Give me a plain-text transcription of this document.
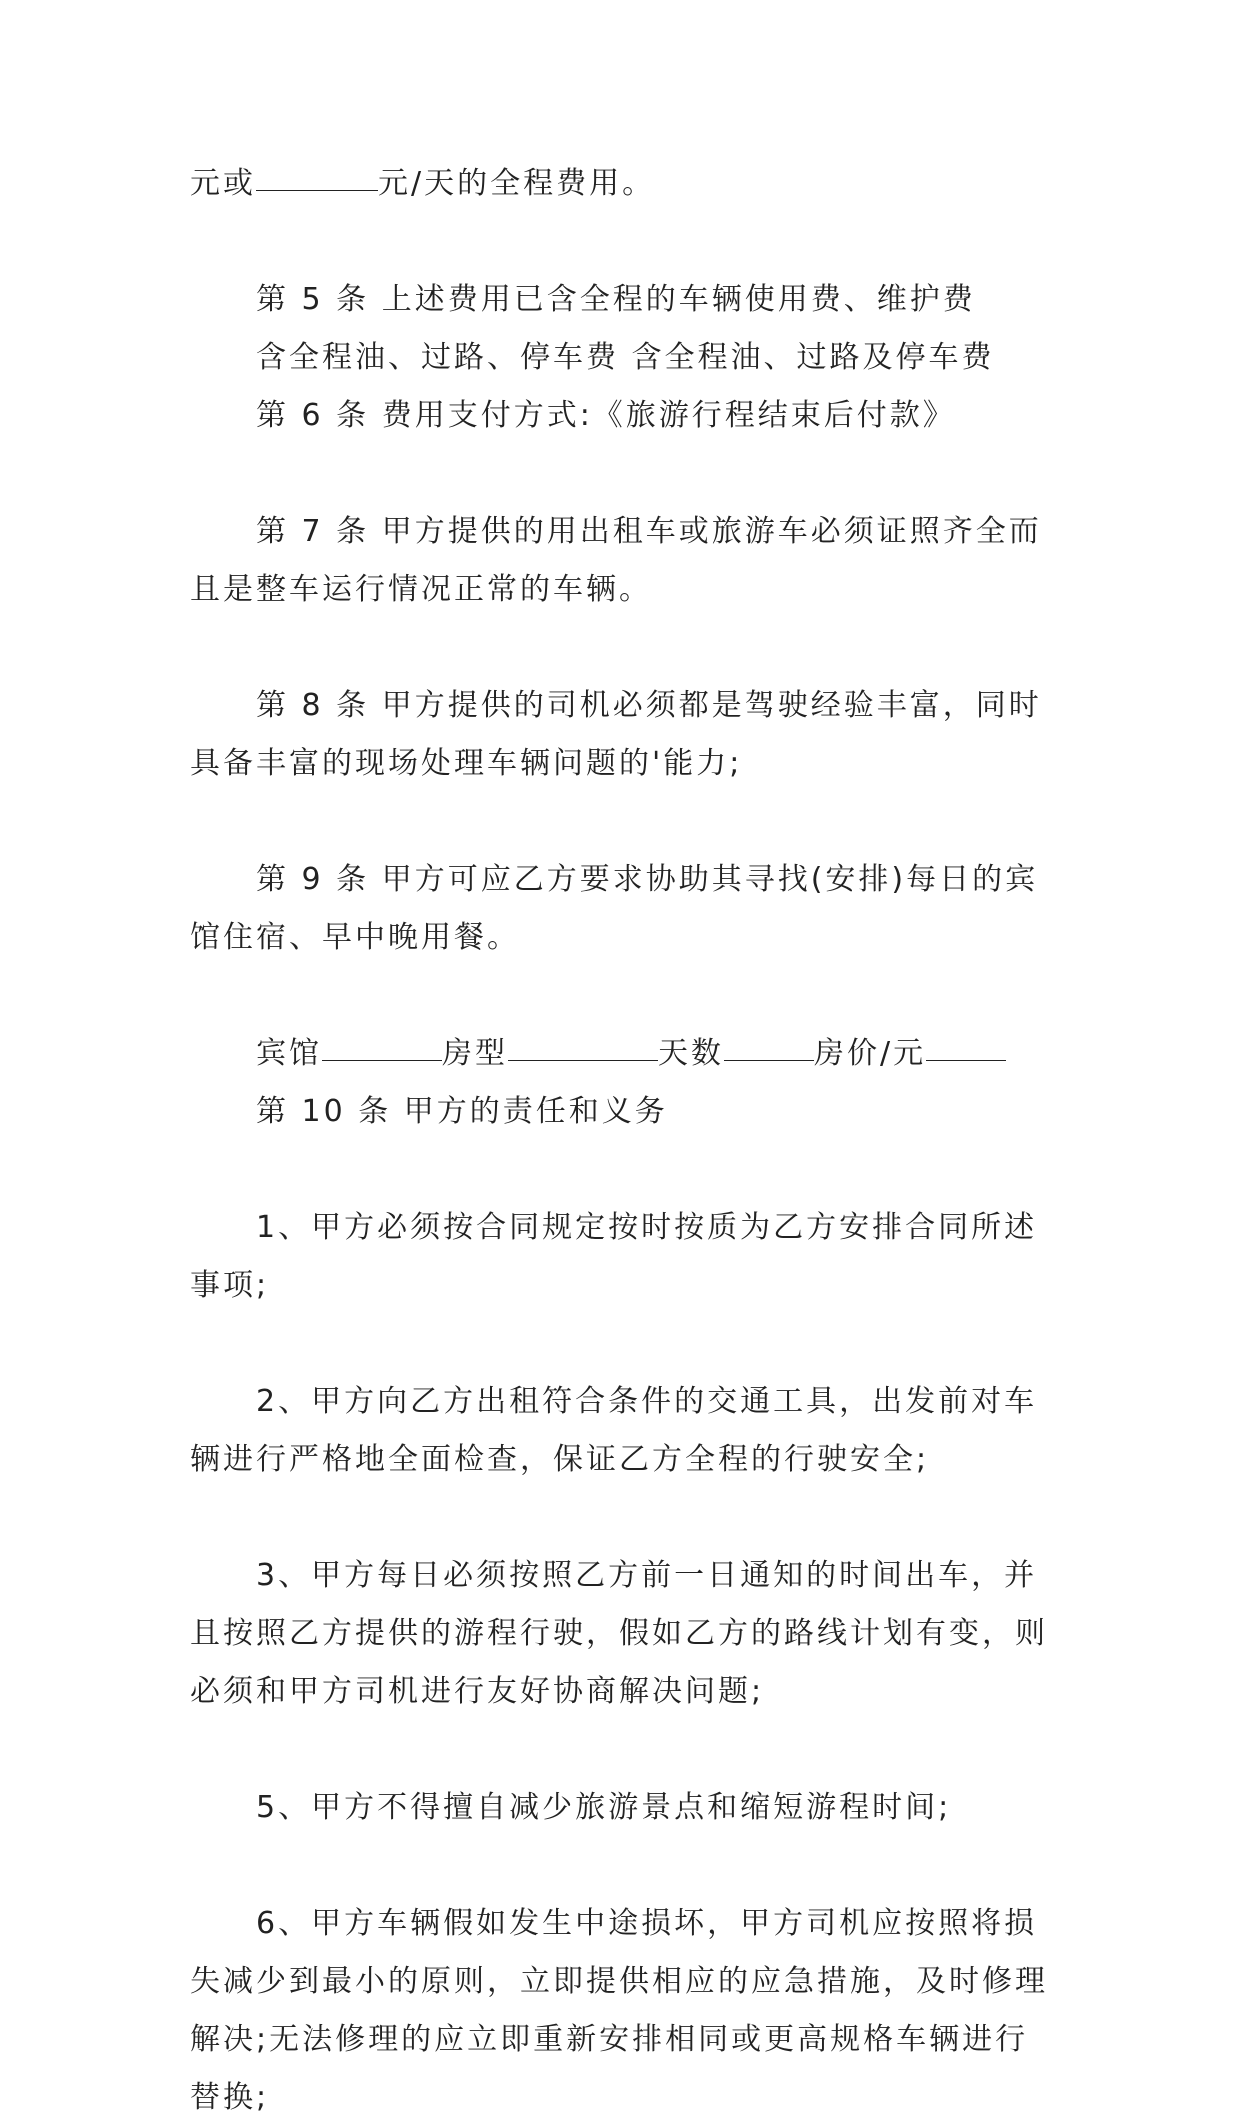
元或	元/天的全程费用。
第 5 条 上述费用已含全程的车辆使用费、维护费
含全程油、过路、停车费 含全程油、过路及停车费
第 6 条 费用支付方式:《旅游行程结束后付款》
第 7 条 甲方提供的用出租车或旅游车必须证照齐全而
且是整车运行情况正常的车辆。
第 8 条 甲方提供的司机必须都是驾驶经验丰富，同时
具备丰富的现场处理车辆问题的'能力;
第 9 条 甲方可应乙方要求协助其寻找(安排)每日的宾
馆住宿、早中晚用餐。
宾馆	房型	天数	房价/元
第 10 条 甲方的责任和义务
1、甲方必须按合同规定按时按质为乙方安排合同所述
事项;
2、甲方向乙方出租符合条件的交通工具，出发前对车
辆进行严格地全面检查，保证乙方全程的行驶安全;
3、甲方每日必须按照乙方前一日通知的时间出车，并
且按照乙方提供的游程行驶，假如乙方的路线计划有变，则
必须和甲方司机进行友好协商解决问题;
5、甲方不得擅自减少旅游景点和缩短游程时间;
6、甲方车辆假如发生中途损坏，甲方司机应按照将损
失减少到最小的原则，立即提供相应的应急措施，及时修理
解决;无法修理的应立即重新安排相同或更高规格车辆进行
替换;
